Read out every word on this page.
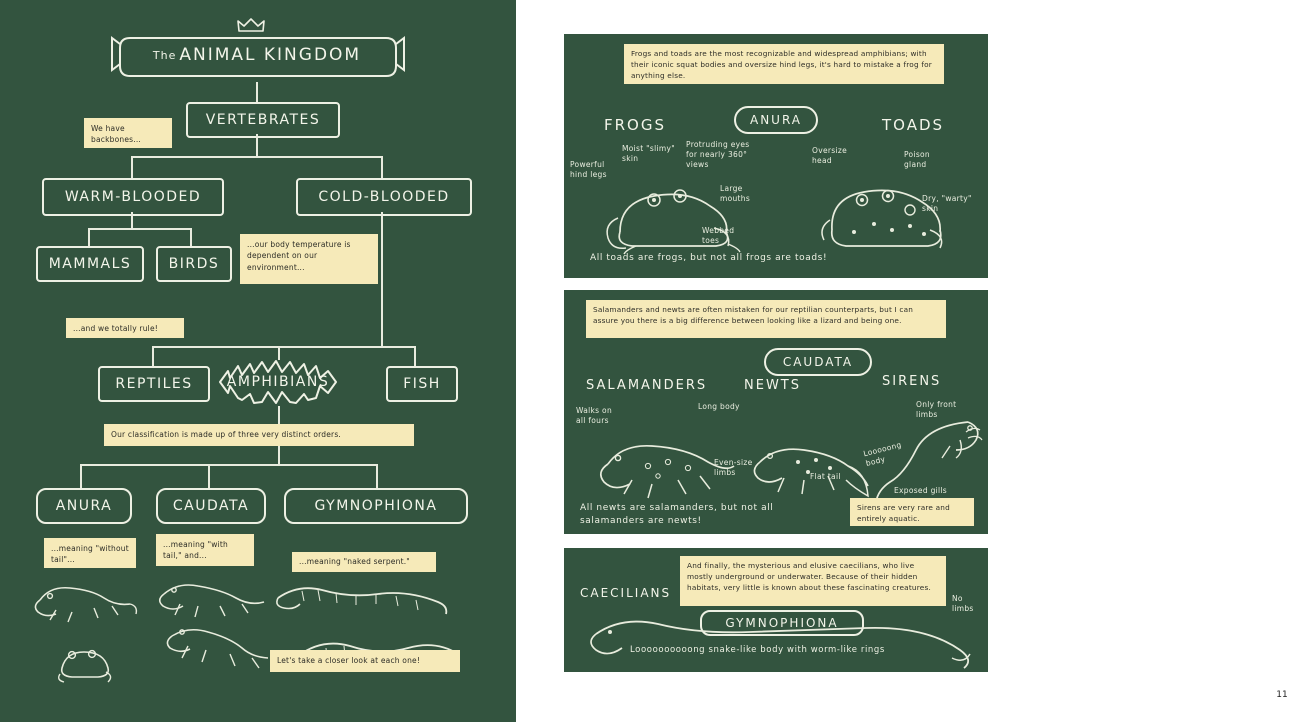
The ANIMAL KINGDOM
VERTEBRATES
We have backbones...
WARM-BLOODED	COLD-BLOODED
MAMMALS	BIRDS
...our body temperature is dependent on our environment...
...and we totally rule!
REPTILES	FISH
AMPHIBIANS
Our classification is made up of three very distinct orders.
ANURA	CAUDATA	GYMNOPHIONA
...meaning "without tail"...
...meaning "with tail," and...
...meaning "naked serpent."
Let's take a closer look at each one!
Frogs and toads are the most recognizable and widespread amphibians; with their iconic squat bodies and oversize hind legs, it's hard to mistake a frog for anything else.
ANURA
FROGS	TOADS
Powerful hind legs
Moist "slimy" skin
Protruding eyes for nearly 360° views
Large mouths
Webbed toes
Oversize head
Poison gland
Dry, "warty" skin
All toads are frogs, but not all frogs are toads!
Salamanders and newts are often mistaken for our reptilian counterparts, but I can assure you there is a big difference between looking like a lizard and being one.
CAUDATA
SALAMANDERS	NEWTS	SIRENS
Walks on all fours
Even-size limbs
Long body
Flat tail
Only front limbs
Looooong body
Exposed gills
Sirens are very rare and entirely aquatic.
All newts are salamanders, but not all salamanders are newts!
And finally, the mysterious and elusive caecilians, who live mostly underground or underwater. Because of their hidden habitats, very little is known about these fascinating creatures.
CAECILIANS
GYMNOPHIONA
No limbs
Loooooooooong snake-like body with worm-like rings
11
